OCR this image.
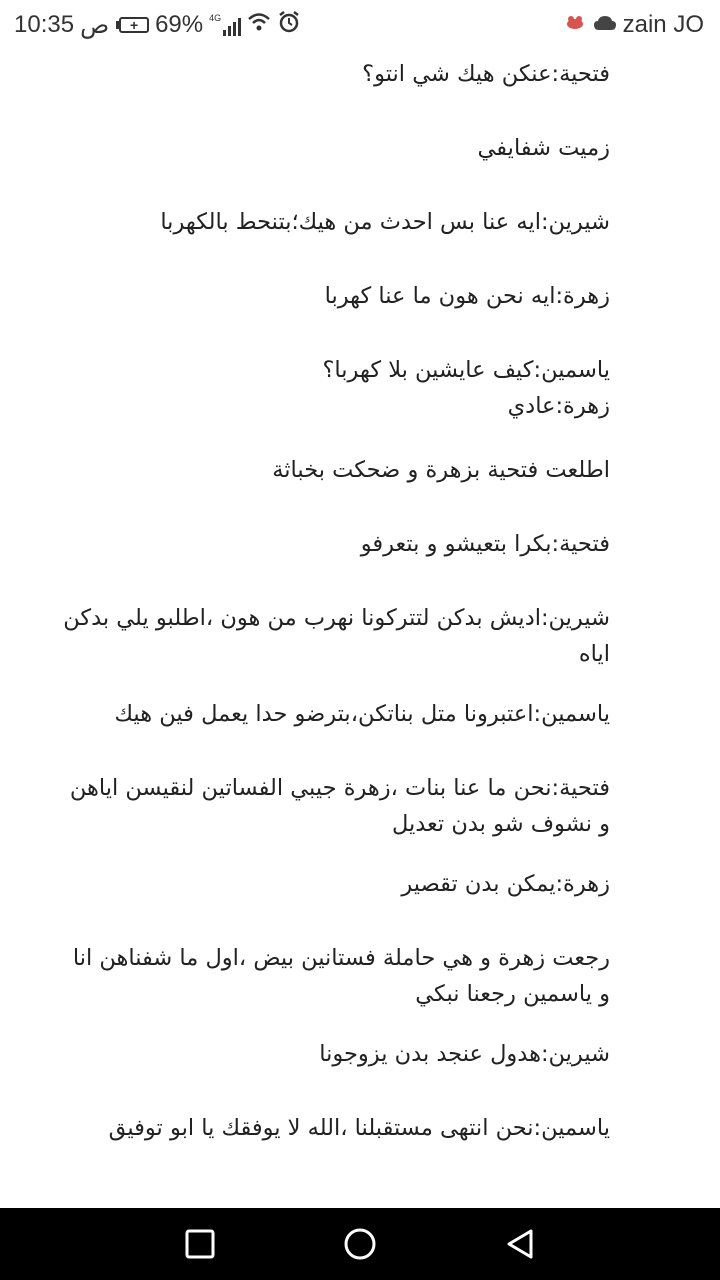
10:35 ص	+ 69% 4G	zain JO
فتحية:عنكن هيك شي انتو؟
زميت شفايفي
شيرين:ايه عنا بس احدث من هيك؛بتنحط بالكهربا
زهرة:ايه نحن هون ما عنا كهربا
ياسمين:كيف عايشين بلا كهربا؟
زهرة:عادي
اطلعت فتحية بزهرة و ضحكت بخباثة
فتحية:بكرا بتعيشو و بتعرفو
شيرين:اديش بدكن لتتركونا نهرب من هون ،اطلبو يلي بدكن
اياه
ياسمين:اعتبرونا متل بناتكن،بترضو حدا يعمل فين هيك
فتحية:نحن ما عنا بنات ،زهرة جيبي الفساتين لنقيسن اياهن
و نشوف شو بدن تعديل
زهرة:يمكن بدن تقصير
رجعت زهرة و هي حاملة فستانين بيض ،اول ما شفناهن انا
و ياسمين رجعنا نبكي
شيرين:هدول عنجد بدن يزوجونا
ياسمين:نحن انتهى مستقبلنا ،الله لا يوفقك يا ابو توفيق
